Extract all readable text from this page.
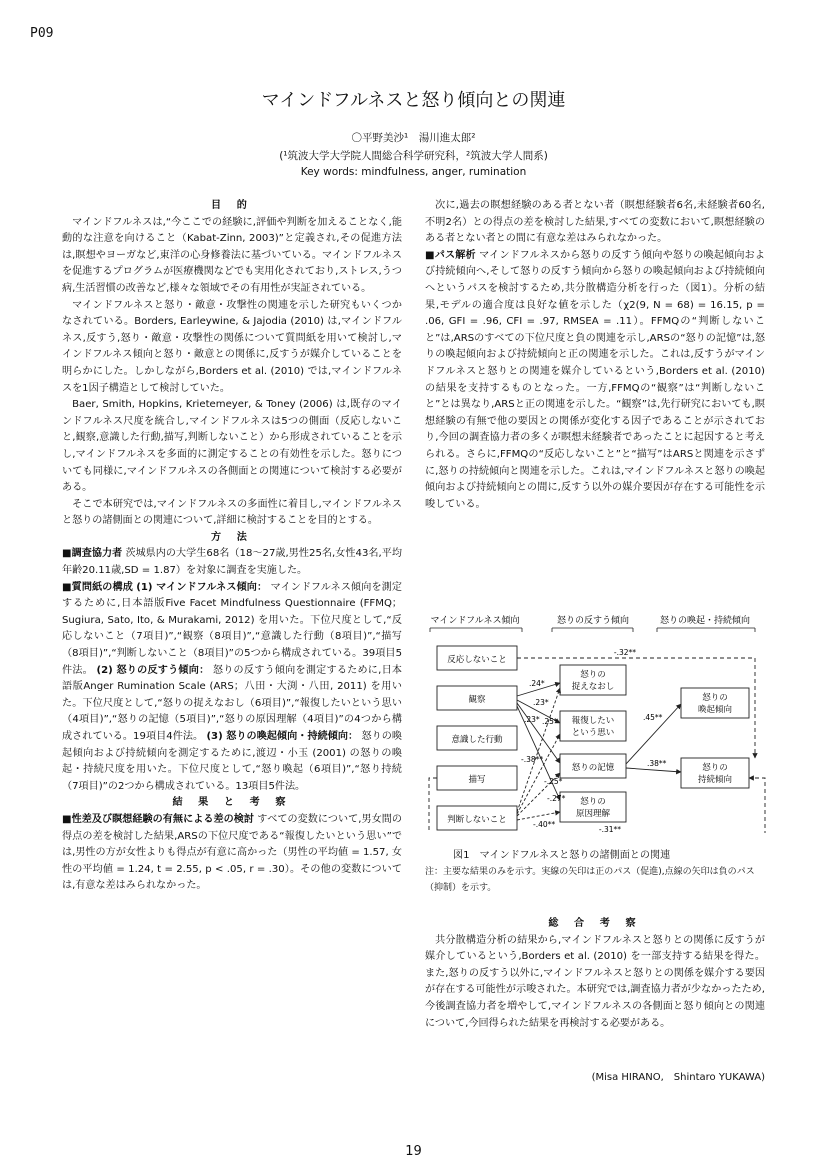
P09
マインドフルネスと怒り傾向との関連
〇平野美沙¹　湯川進太郎²
(¹筑波大学大学院人間総合科学研究科，²筑波大学人間系)
Key words: mindfulness, anger, rumination
目 的

マインドフルネスは,“今ここでの経験に,評価や判断を加えることなく,能動的な注意を向けること（Kabat-Zinn, 2003)”と定義され,その促進方法は,瞑想やヨーガなど,東洋の心身修養法に基づいている。マインドフルネスを促進するプログラムが医療機関などでも実用化されており,ストレス,うつ病,生活習慣の改善など,様々な領域でその有用性が実証されている。

マインドフルネスと怒り・敵意・攻撃性の関連を示した研究もいくつかなされている。Borders, Earleywine, & Jajodia (2010) は,マインドフルネス,反すう,怒り・敵意・攻撃性の関係について質問紙を用いて検討し,マインドフルネス傾向と怒り・敵意との関係に,反すうが媒介していることを明らかにした。しかしながら,Borders et al. (2010) では,マインドフルネスを1因子構造として検討していた。

Baer, Smith, Hopkins, Krietemeyer, & Toney (2006) は,既存のマインドフルネス尺度を統合し,マインドフルネスは5つの側面（反応しないこと,観察,意識した行動,描写,判断しないこと）から形成されていることを示し,マインドフルネスを多面的に測定することの有効性を示した。怒りについても同様に,マインドフルネスの各側面との関連について検討する必要がある。

そこで本研究では,マインドフルネスの多面性に着目し,マインドフルネスと怒りの諸側面との関連について,詳細に検討することを目的とする。

方 法

■調査協力者 茨城県内の大学生68名（18～27歳,男性25名,女性43名,平均年齢20.11歳,SD = 1.87）を対象に調査を実施した。

■質問紙の構成 (1) マインドフルネス傾向： マインドフルネス傾向を測定するために,日本語版Five Facet Mindfulness Questionnaire (FFMQ；Sugiura, Sato, Ito, & Murakami, 2012) を用いた。下位尺度として,“反応しないこと（7項目)”,“観察（8項目)”,“意識した行動（8項目)”,“描写（8項目)”,“判断しないこと（8項目)”の5つから構成されている。39項目5件法。 (2) 怒りの反すう傾向： 怒りの反すう傾向を測定するために,日本語版Anger Rumination Scale (ARS；八田・大渕・八田, 2011) を用いた。下位尺度として,“怒りの捉えなおし（6項目)”,“報復したいという思い（4項目)”,“怒りの記憶（5項目)”,“怒りの原因理解（4項目)”の4つから構成されている。19項目4件法。 (3) 怒りの喚起傾向・持続傾向： 怒りの喚起傾向および持続傾向を測定するために,渡辺・小玉 (2001) の怒りの喚起・持続尺度を用いた。下位尺度として,“怒り喚起（6項目)”,“怒り持続（7項目)”の2つから構成されている。13項目5件法。

結 果 と 考 察

■性差及び瞑想経験の有無による差の検討 すべての変数について,男女間の得点の差を検討した結果,ARSの下位尺度である“報復したいという思い”では,男性の方が女性よりも得点が有意に高かった（男性の平均値 = 1.57, 女性の平均値 = 1.24, t = 2.55, p < .05, r = .30）。その他の変数については,有意な差はみられなかった。

次に,過去の瞑想経験のある者とない者（瞑想経験者6名,未経験者60名,不明2名）との得点の差を検討した結果,すべての変数において,瞑想経験のある者とない者との間に有意な差はみられなかった。

■パス解析 マインドフルネスから怒りの反すう傾向や怒りの喚起傾向および持続傾向へ,そして怒りの反すう傾向から怒りの喚起傾向および持続傾向へというパスを検討するため,共分散構造分析を行った（図1）。分析の結果,モデルの適合度は良好な値を示した（χ2(9, N = 68) = 16.15, p = .06, GFI = .96, CFI = .97, RMSEA = .11）。FFMQの“判断しないこと”は,ARSのすべての下位尺度と負の関連を示し,ARSの“怒りの記憶”は,怒りの喚起傾向および持続傾向と正の関連を示した。これは,反すうがマインドフルネスと怒りとの関連を媒介しているという,Borders et al. (2010) の結果を支持するものとなった。一方,FFMQの“観察”は“判断しないこと”とは異なり,ARSと正の関連を示した。“観察”は,先行研究においても,瞑想経験の有無で他の要因との関係が変化する因子であることが示されており,今回の調査協力者の多くが瞑想未経験者であったことに起因すると考えられる。さらに,FFMQの“反応しないこと”と“描写”はARSと関連を示さずに,怒りの持続傾向と関連を示した。これは,マインドフルネスと怒りの喚起傾向および持続傾向との間に,反すう以外の媒介要因が存在する可能性を示唆している。

マインドフルネス傾向	怒りの反すう傾向	怒りの喚起・持続傾向
反応しないこと
観察
意識した行動
描写
判断しないこと
怒りの
捉えなおし
報復したい
という思い
怒りの記憶
怒りの
原因理解
怒りの
喚起傾向
怒りの
持続傾向
-.32**
.24*
.23*
.25*
.23*
-.38**
-.25*
-.27*
-.40**
-.31**
.45**
.38**
図1　マインドフルネスと怒りの諸側面との関連
注：主要な結果のみを示す。実線の矢印は正のパス（促進),点線の矢印は負のパス（抑制）を示す。
総 合 考 察

共分散構造分析の結果から,マインドフルネスと怒りとの関係に反すうが媒介しているという,Borders et al. (2010) を一部支持する結果を得た。また,怒りの反すう以外に,マインドフルネスと怒りとの関係を媒介する要因が存在する可能性が示唆された。本研究では,調査協力者が少なかったため,今後調査協力者を増やして,マインドフルネスの各側面と怒り傾向との関連について,今回得られた結果を再検討する必要がある。

(Misa HIRANO,　Shintaro YUKAWA)
19
